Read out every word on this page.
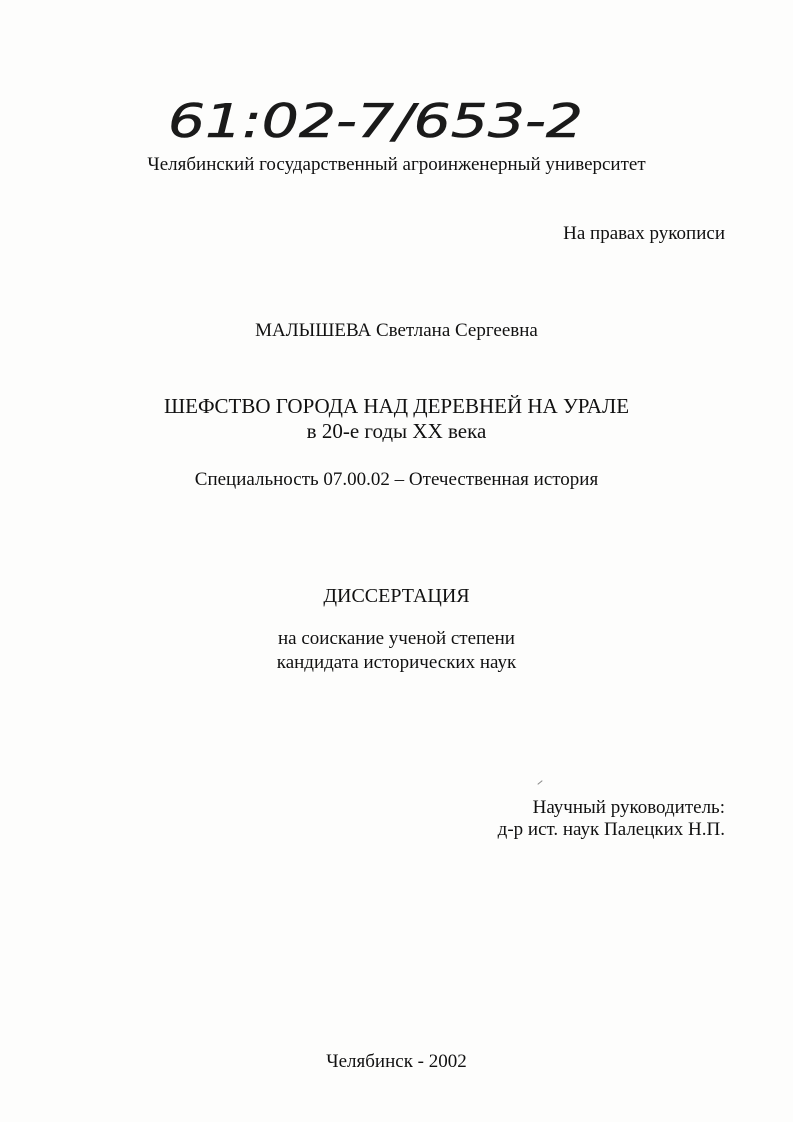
61:02-7/653-2
Челябинский государственный агроинженерный университет
На правах рукописи
МАЛЫШЕВА Светлана Сергеевна
ШЕФСТВО ГОРОДА НАД ДЕРЕВНЕЙ НА УРАЛЕ
в 20-е годы XX века
Специальность 07.00.02 – Отечественная история
ДИССЕРТАЦИЯ
на соискание ученой степени
кандидата исторических наук
Научный руководитель:
д-р ист. наук Палецких Н.П.
Челябинск - 2002
